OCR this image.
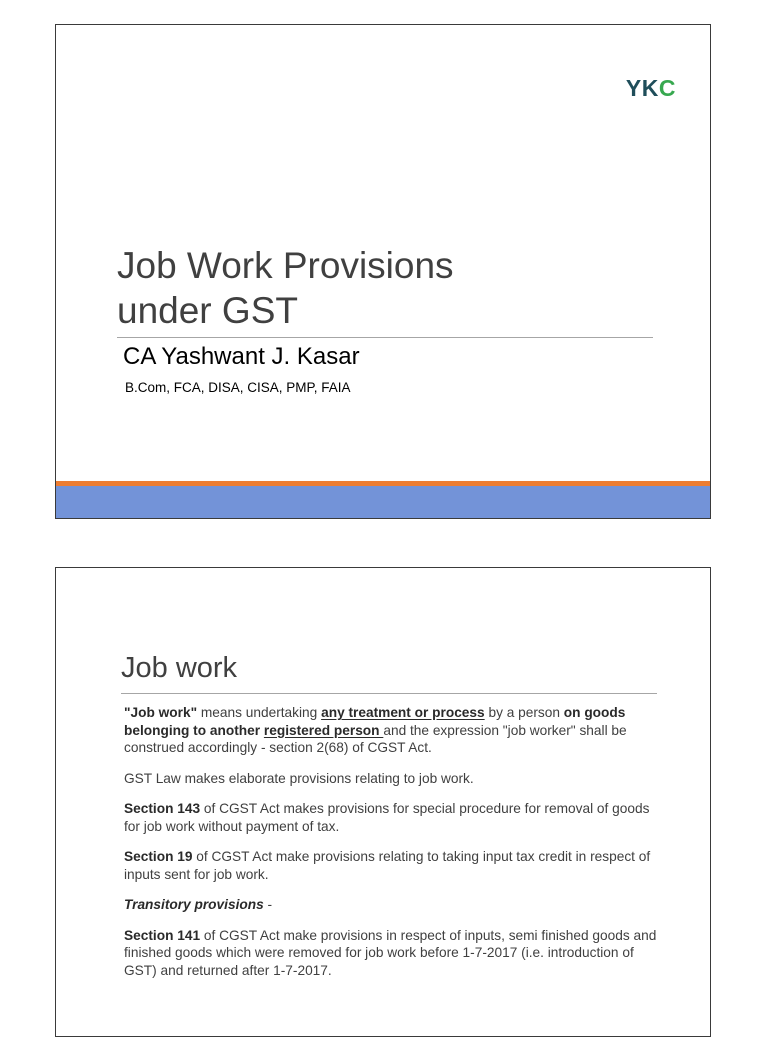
YKC
Job Work Provisions
under GST
CA Yashwant J. Kasar
B.Com, FCA, DISA, CISA, PMP, FAIA
Job work

"Job work" means undertaking any treatment or process by a person on goods belonging to another registered person and the expression "job worker" shall be construed accordingly - section 2(68) of CGST Act.

GST Law makes elaborate provisions relating to job work.

Section 143 of CGST Act makes provisions for special procedure for removal of goods for job work without payment of tax.

Section 19 of CGST Act make provisions relating to taking input tax credit in respect of inputs sent for job work.

Transitory provisions -

Section 141 of CGST Act make provisions in respect of inputs, semi finished goods and finished goods which were removed for job work before 1-7-2017 (i.e. introduction of GST) and returned after 1-7-2017.
